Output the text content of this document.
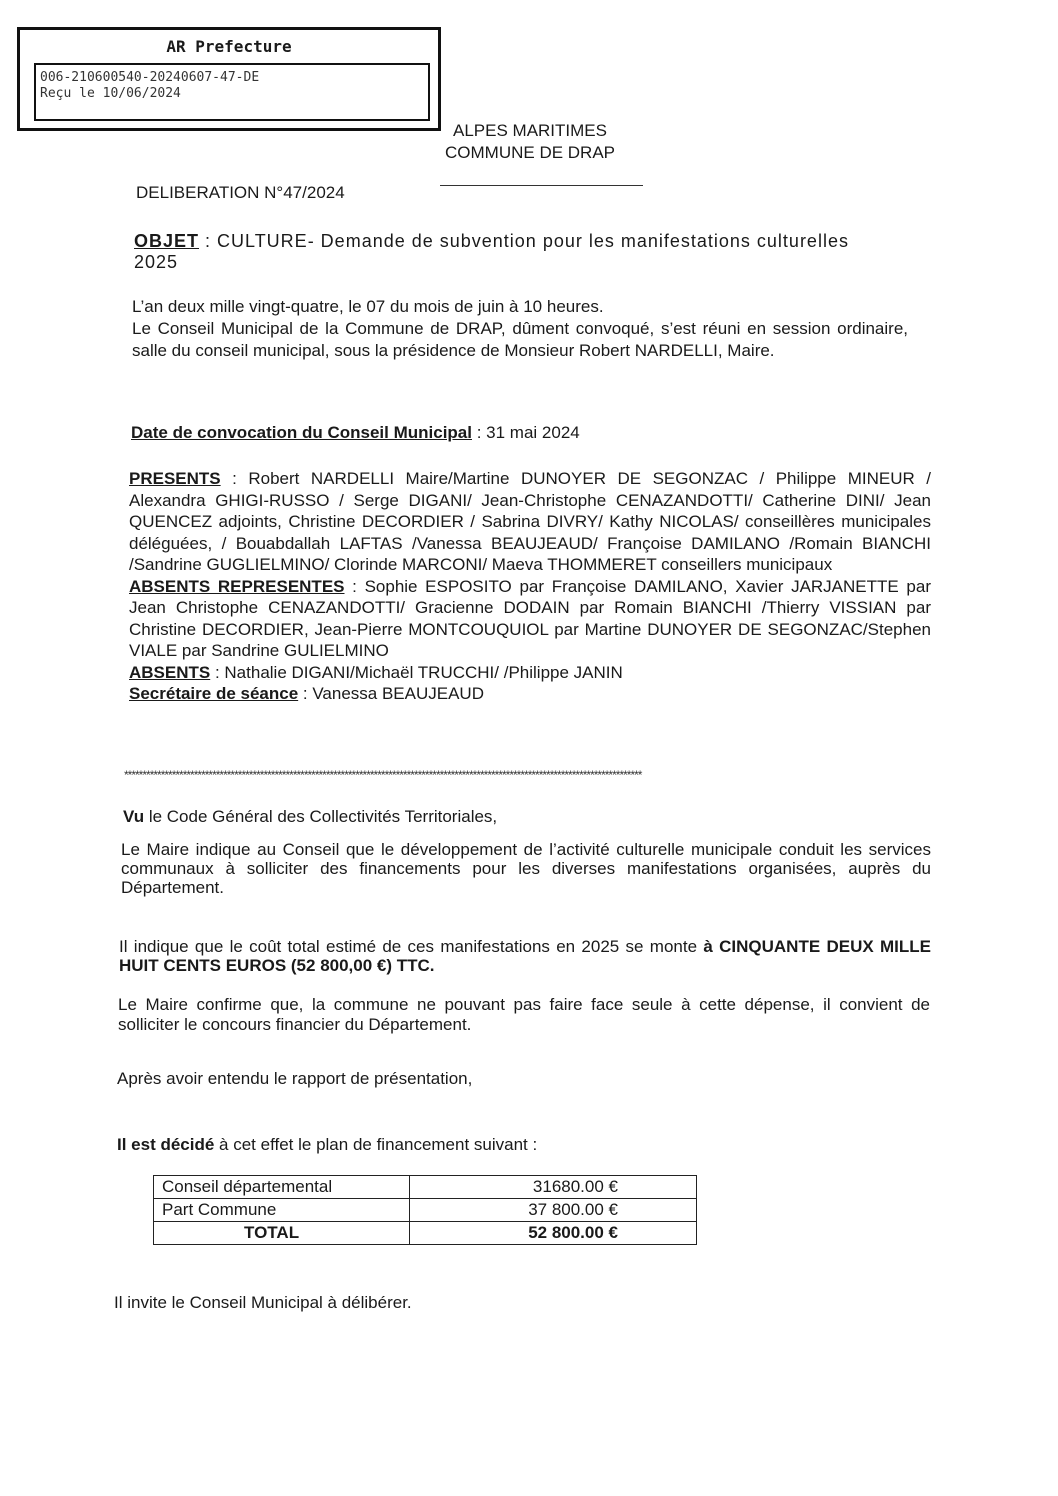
AR Prefecture
006-210600540-20240607-47-DE
Reçu le 10/06/2024
ALPES MARITIMES
COMMUNE DE DRAP
DELIBERATION N°47/2024
OBJET : CULTURE- Demande de subvention pour les manifestations culturelles 2025
L’an deux mille vingt-quatre, le 07 du mois de juin à 10 heures.
Le Conseil Municipal de la Commune de DRAP, dûment convoqué, s’est réuni en session ordinaire, salle du conseil municipal, sous la présidence de Monsieur Robert NARDELLI, Maire.
Date de convocation du Conseil Municipal : 31 mai 2024
PRESENTS : Robert NARDELLI Maire/Martine DUNOYER DE SEGONZAC / Philippe MINEUR / Alexandra GHIGI-RUSSO / Serge DIGANI/ Jean-Christophe CENAZANDOTTI/ Catherine DINI/ Jean QUENCEZ adjoints, Christine DECORDIER / Sabrina DIVRY/ Kathy NICOLAS/ conseillères municipales déléguées, / Bouabdallah LAFTAS /Vanessa BEAUJEAUD/ Françoise DAMILANO /Romain BIANCHI /Sandrine GUGLIELMINO/ Clorinde MARCONI/ Maeva THOMMERET conseillers municipaux
ABSENTS REPRESENTES : Sophie ESPOSITO par Françoise DAMILANO, Xavier JARJANETTE par Jean Christophe CENAZANDOTTI/ Gracienne DODAIN par Romain BIANCHI /Thierry VISSIAN par Christine DECORDIER, Jean-Pierre MONTCOUQUIOL par Martine DUNOYER DE SEGONZAC/Stephen VIALE par Sandrine GULIELMINO
ABSENTS : Nathalie DIGANI/Michaël TRUCCHI/ /Philippe JANIN
Secrétaire de séance : Vanessa BEAUJEAUD
*********************************************************************************************************************************************
Vu le Code Général des Collectivités Territoriales,
Le Maire indique au Conseil que le développement de l’activité culturelle municipale conduit les services communaux à solliciter des financements pour les diverses manifestations organisées, auprès du Département.
Il indique que le coût total estimé de ces manifestations en 2025 se monte à CINQUANTE DEUX MILLE HUIT CENTS EUROS (52 800,00 €) TTC.
Le Maire confirme que, la commune ne pouvant pas faire face seule à cette dépense, il convient de solliciter le concours financier du Département.
Après avoir entendu le rapport de présentation,
Il est décidé à cet effet le plan de financement suivant :
Conseil départemental	31680.00 €
Part Commune	37 800.00 €
TOTAL	52 800.00 €
Il invite le Conseil Municipal à délibérer.
